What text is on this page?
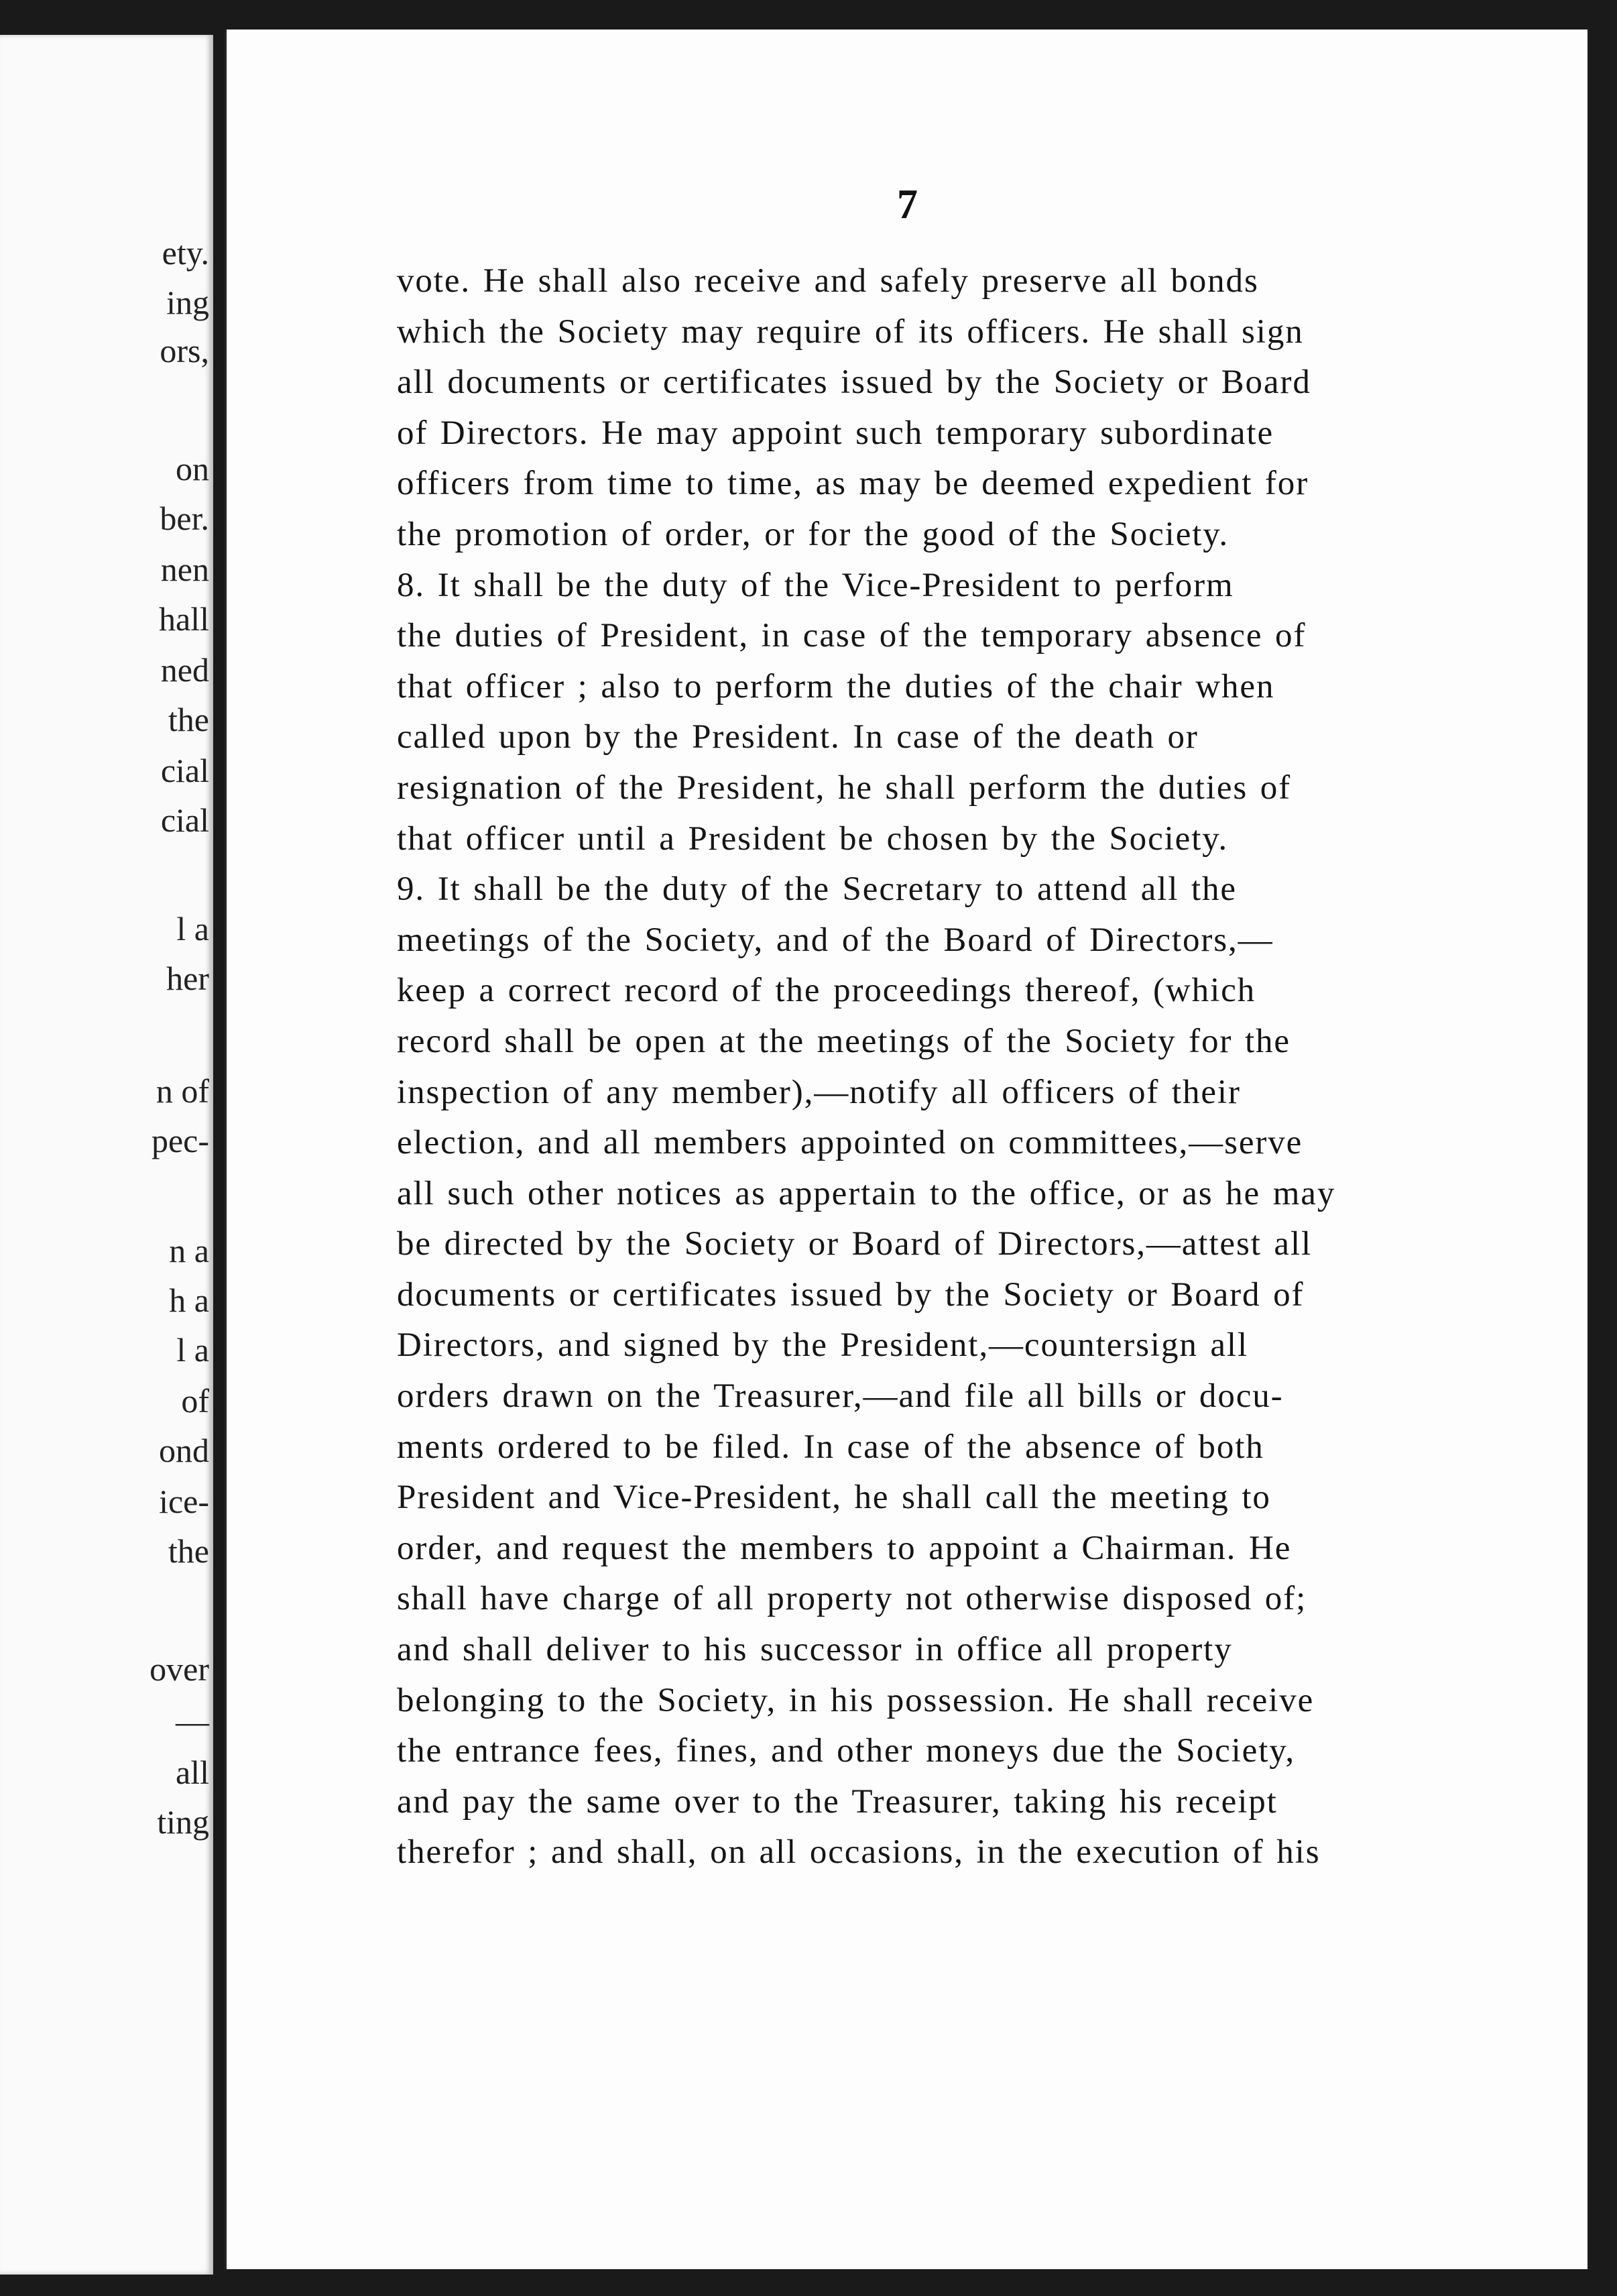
ety.
ing
ors,
on
ber.
nen
hall
ned
the
cial
cial
l a
her
n of
pec-
n a
h a
l a
of
ond
ice-
the
over
—
all
ting
7
vote. He shall also receive and safely preserve all bonds
which the Society may require of its officers. He shall sign
all documents or certificates issued by the Society or Board
of Directors. He may appoint such temporary subordinate
officers from time to time, as may be deemed expedient for
the promotion of order, or for the good of the Society.
8. It shall be the duty of the Vice-President to perform
the duties of President, in case of the temporary absence of
that officer ; also to perform the duties of the chair when
called upon by the President. In case of the death or
resignation of the President, he shall perform the duties of
that officer until a President be chosen by the Society.
9. It shall be the duty of the Secretary to attend all the
meetings of the Society, and of the Board of Directors,—
keep a correct record of the proceedings thereof, (which
record shall be open at the meetings of the Society for the
inspection of any member),—notify all officers of their
election, and all members appointed on committees,—serve
all such other notices as appertain to the office, or as he may
be directed by the Society or Board of Directors,—attest all
documents or certificates issued by the Society or Board of
Directors, and signed by the President,—countersign all
orders drawn on the Treasurer,—and file all bills or docu-
ments ordered to be filed. In case of the absence of both
President and Vice-President, he shall call the meeting to
order, and request the members to appoint a Chairman. He
shall have charge of all property not otherwise disposed of;
and shall deliver to his successor in office all property
belonging to the Society, in his possession. He shall receive
the entrance fees, fines, and other moneys due the Society,
and pay the same over to the Treasurer, taking his receipt
therefor ; and shall, on all occasions, in the execution of his
